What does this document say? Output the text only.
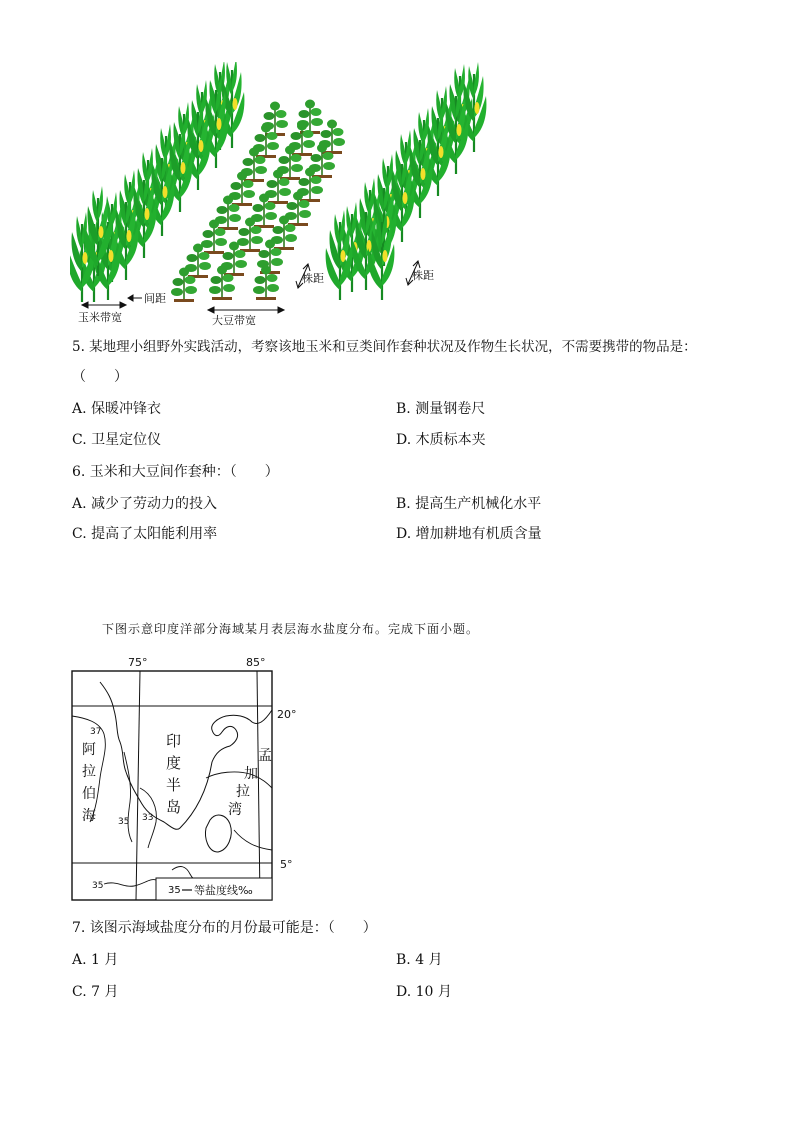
株距	株距
玉米带宽
间距
大豆带宽
5. 某地理小组野外实践活动，考察该地玉米和豆类间作套种状况及作物生长状况，不需要携带的物品是：
（　　）
A. 保暖冲锋衣	B. 测量钢卷尺
C. 卫星定位仪	D. 木质标本夹
6. 玉米和大豆间作套种：（　　）
A. 减少了劳动力的投入	B. 提高生产机械化水平
C. 提高了太阳能利用率	D. 增加耕地有机质含量
下图示意印度洋部分海域某月表层海水盐度分布。完成下面小题。
75°	85°
20°
5°
37
35 33
35
阿
拉
伯
海
印
度
半
岛
孟
加
拉
湾
35 等盐度线‰
7. 该图示海域盐度分布的月份最可能是：（　　）
A. 1 月	B. 4 月
C. 7 月	D. 10 月
